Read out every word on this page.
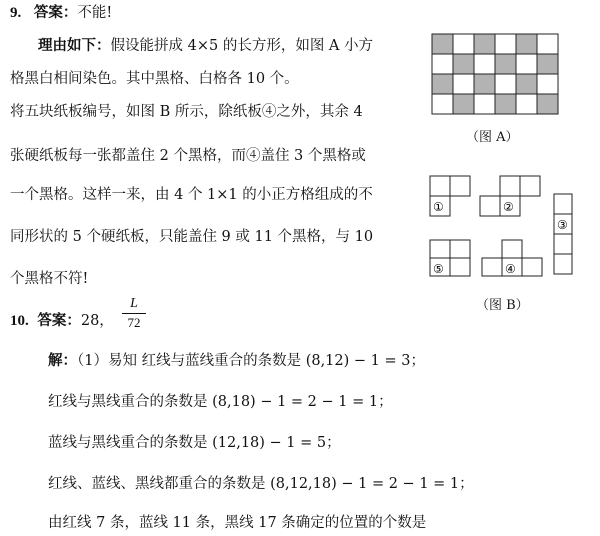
9. 答案：不能!
理由如下：假设能拼成 4×5 的长方形，如图 A 小方
格黑白相间染色。其中黑格、白格各 10 个。
将五块纸板编号，如图 B 所示，除纸板④之外，其余 4
张硬纸板每一张都盖住 2 个黑格，而④盖住 3 个黑格或
一个黑格。这样一来，由 4 个 1×1 的小正方格组成的不
同形状的 5 个硬纸板，只能盖住 9 或 11 个黑格，与 10
个黑格不符!
（图 A）
①	②
③
⑤	④
（图 B）
10. 答案：28，
L
72
解：（1）易知 红线与蓝线重合的条数是 (8,12) − 1 = 3；
红线与黑线重合的条数是 (8,18) − 1 = 2 − 1 = 1；
蓝线与黑线重合的条数是 (12,18) − 1 = 5；
红线、蓝线、黑线都重合的条数是 (8,12,18) − 1 = 2 − 1 = 1；
由红线 7 条，蓝线 11 条，黑线 17 条确定的位置的个数是
